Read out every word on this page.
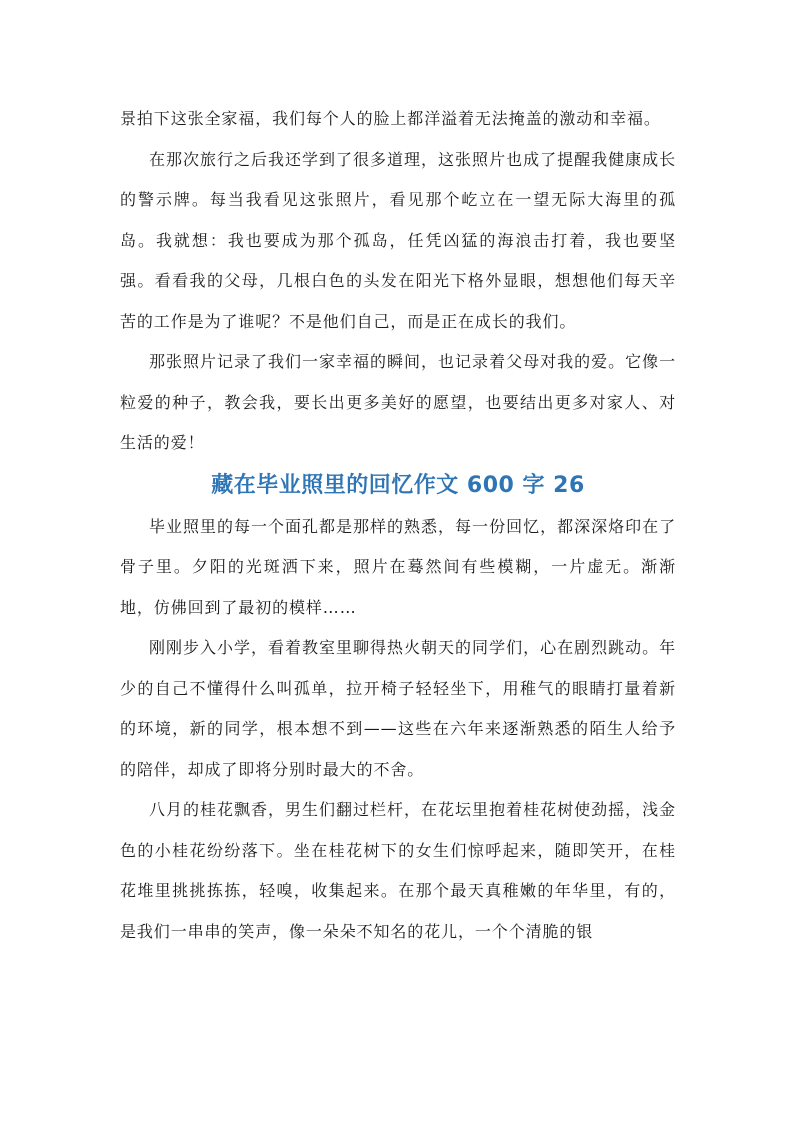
景拍下这张全家福，我们每个人的脸上都洋溢着无法掩盖的激动和幸福。

在那次旅行之后我还学到了很多道理，这张照片也成了提醒我健康成长的警示牌。每当我看见这张照片，看见那个屹立在一望无际大海里的孤岛。我就想：我也要成为那个孤岛，任凭凶猛的海浪击打着，我也要坚强。看看我的父母，几根白色的头发在阳光下格外显眼，想想他们每天辛苦的工作是为了谁呢？不是他们自己，而是正在成长的我们。

那张照片记录了我们一家幸福的瞬间，也记录着父母对我的爱。它像一粒爱的种子，教会我，要长出更多美好的愿望，也要结出更多对家人、对生活的爱！

藏在毕业照里的回忆作文 600 字 26

毕业照里的每一个面孔都是那样的熟悉，每一份回忆，都深深烙印在了骨子里。夕阳的光斑洒下来，照片在蓦然间有些模糊，一片虚无。渐渐地，仿佛回到了最初的模样……

刚刚步入小学，看着教室里聊得热火朝天的同学们，心在剧烈跳动。年少的自己不懂得什么叫孤单，拉开椅子轻轻坐下，用稚气的眼睛打量着新的环境，新的同学，根本想不到——这些在六年来逐渐熟悉的陌生人给予的陪伴，却成了即将分别时最大的不舍。

八月的桂花飘香，男生们翻过栏杆，在花坛里抱着桂花树使劲摇，浅金色的小桂花纷纷落下。坐在桂花树下的女生们惊呼起来，随即笑开，在桂花堆里挑挑拣拣，轻嗅，收集起来。在那个最天真稚嫩的年华里，有的，是我们一串串的笑声，像一朵朵不知名的花儿，一个个清脆的银
